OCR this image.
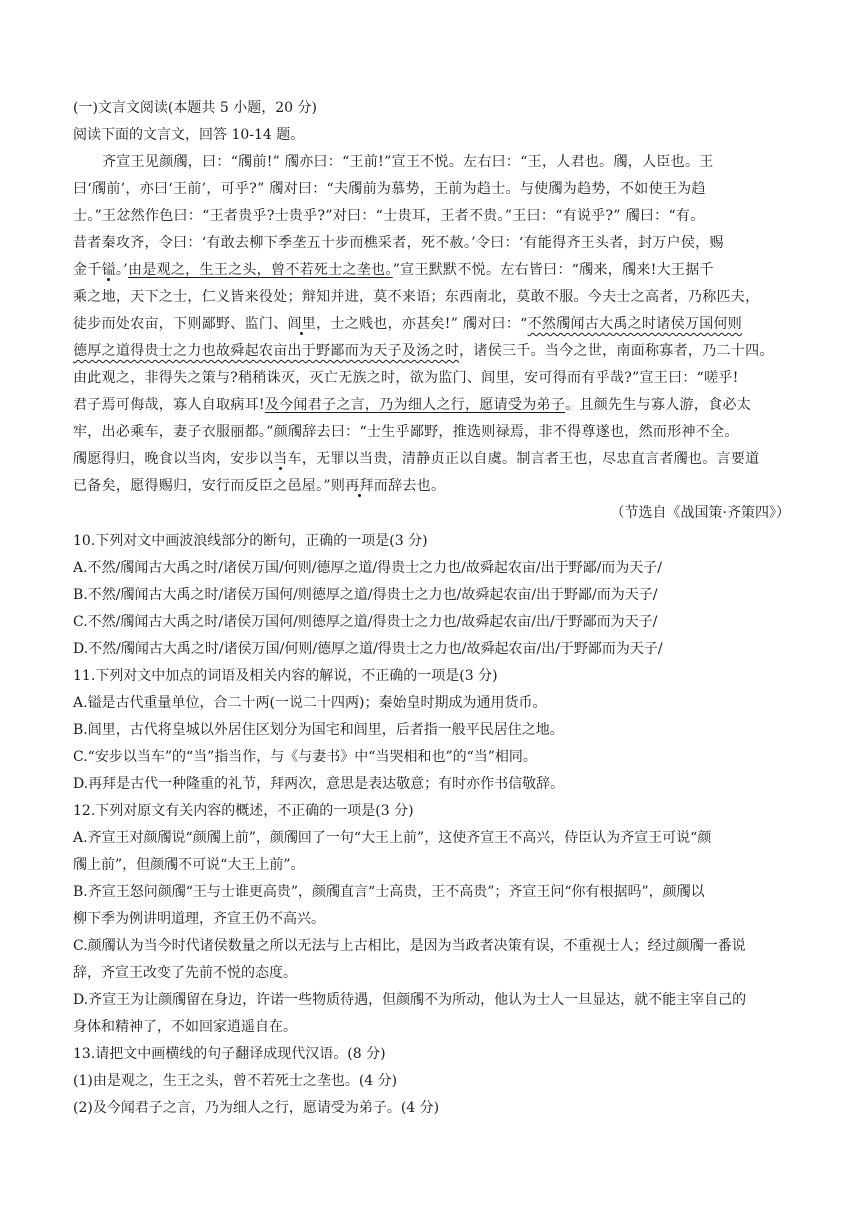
(一)文言文阅读(本题共 5 小题，20 分)
阅读下面的文言文，回答 10-14 题。
齐宣王见颜斶，曰：“斶前!” 斶亦曰：“王前!”宣王不悦。左右曰：“王，人君也。斶，人臣也。王
曰‘斶前’，亦曰‘王前’，可乎?” 斶对曰：“夫斶前为慕势，王前为趋士。与使斶为趋势，不如使王为趋
士。”王忿然作色曰：“王者贵乎?士贵乎?”对曰：“士贵耳，王者不贵。”王曰：“有说乎?” 斶曰：“有。
昔者秦攻齐，令曰：‘有敢去柳下季垄五十步而樵采者，死不赦。’令曰：‘有能得齐王头者，封万户侯，赐
金千镒。’由是观之，生王之头，曾不若死士之垄也。”宣王默默不悦。左右皆曰：“斶来，斶来!大王据千
乘之地，天下之士，仁义皆来役处；辩知并进，莫不来语；东西南北，莫敢不服。今夫士之高者，乃称匹夫，
徒步而处农亩，下则鄙野、监门、闾里，士之贱也，亦甚矣!” 斶对曰：“不然斶闻古大禹之时诸侯万国何则
德厚之道得贵士之力也故舜起农亩出于野鄙而为天子及汤之时，诸侯三千。当今之世，南面称寡者，乃二十四。
由此观之，非得失之策与?稍稍诛灭，灭亡无族之时，欲为监门、闾里，安可得而有乎哉?”宣王曰：“嗟乎!
君子焉可侮哉，寡人自取病耳!及今闻君子之言，乃为细人之行，愿请受为弟子。且颜先生与寡人游，食必太
牢，出必乘车，妻子衣服丽都。”颜斶辞去曰：“士生乎鄙野，推选则禄焉，非不得尊遂也，然而形神不全。
斶愿得归，晚食以当肉，安步以当车，无罪以当贵，清静贞正以自虞。制言者王也，尽忠直言者斶也。言要道
已备矣，愿得赐归，安行而反臣之邑屋。”则再拜而辞去也。
（节选自《战国策·齐策四》）
10.下列对文中画波浪线部分的断句，正确的一项是(3 分)
A.不然/斶闻古大禹之时/诸侯万国/何则/德厚之道/得贵士之力也/故舜起农亩/出于野鄙/而为天子/
B.不然/斶闻古大禹之时/诸侯万国何/则德厚之道/得贵士之力也/故舜起农亩/出于野鄙/而为天子/
C.不然/斶闻古大禹之时/诸侯万国何/则德厚之道/得贵士之力也/故舜起农亩/出/于野鄙而为天子/
D.不然/斶闻古大禹之时/诸侯万国/何则/德厚之道/得贵士之力也/故舜起农亩/出/于野鄙而为天子/
11.下列对文中加点的词语及相关内容的解说，不正确的一项是(3 分)
A.镒是古代重量单位，合二十两(一说二十四两)；秦始皇时期成为通用货币。
B.闾里，古代将皇城以外居住区划分为国宅和闾里，后者指一般平民居住之地。
C.“安步以当车”的“当”指当作，与《与妻书》中“当哭相和也”的“当”相同。
D.再拜是古代一种隆重的礼节，拜两次，意思是表达敬意；有时亦作书信敬辞。
12.下列对原文有关内容的概述，不正确的一项是(3 分)
A.齐宣王对颜斶说“颜斶上前”，颜斶回了一句“大王上前”，这使齐宣王不高兴，侍臣认为齐宣王可说“颜
斶上前”，但颜斶不可说“大王上前”。
B.齐宣王怒问颜斶“王与士谁更高贵”，颜斶直言“士高贵，王不高贵”；齐宣王问“你有根据吗”，颜斶以
柳下季为例讲明道理，齐宣王仍不高兴。
C.颜斶认为当今时代诸侯数量之所以无法与上古相比，是因为当政者决策有误，不重视士人；经过颜斶一番说
辞，齐宣王改变了先前不悦的态度。
D.齐宣王为让颜斶留在身边，许诺一些物质待遇，但颜斶不为所动，他认为士人一旦显达，就不能主宰自己的
身体和精神了，不如回家逍遥自在。
13.请把文中画横线的句子翻译成现代汉语。(8 分)
(1)由是观之，生王之头，曾不若死士之垄也。(4 分)
(2)及今闻君子之言，乃为细人之行，愿请受为弟子。(4 分)
